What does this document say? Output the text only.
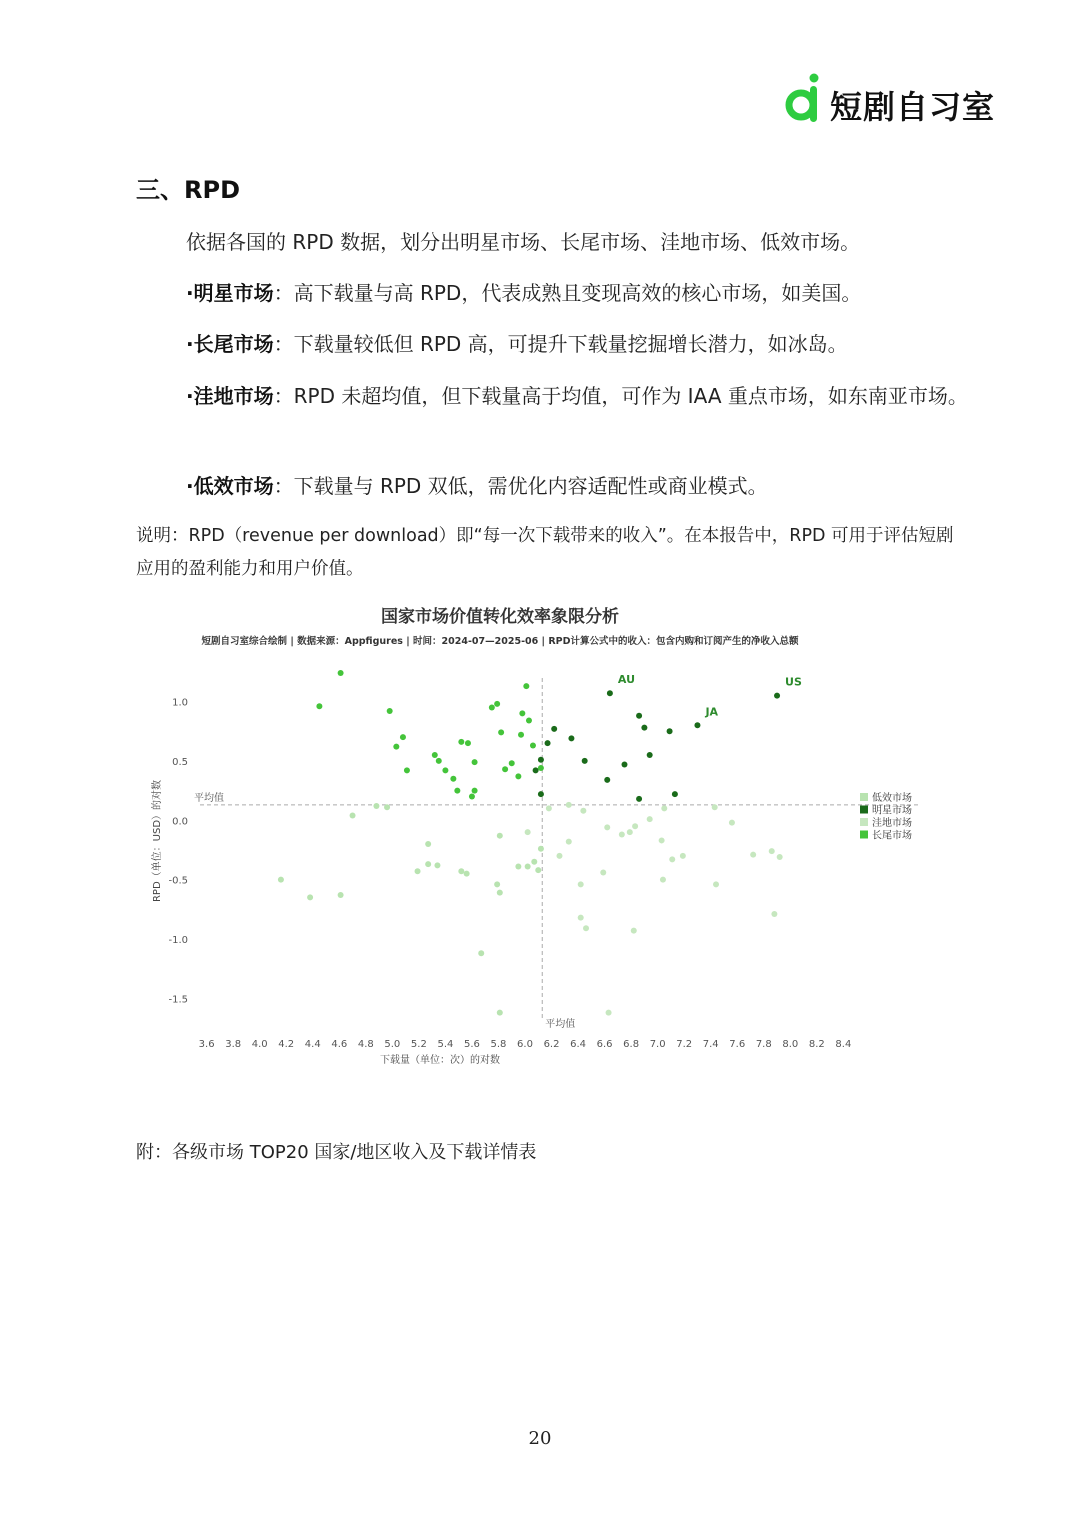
短剧自习室
三、RPD
依据各国的 RPD 数据，划分出明星市场、长尾市场、洼地市场、低效市场。
·明星市场：高下载量与高 RPD，代表成熟且变现高效的核心市场，如美国。
·长尾市场：下载量较低但 RPD 高，可提升下载量挖掘增长潜力，如冰岛。
·洼地市场：RPD 未超均值，但下载量高于均值，可作为 IAA 重点市场，如东南亚市场。
·低效市场：下载量与 RPD 双低，需优化内容适配性或商业模式。
说明：RPD（revenue per download）即“每一次下载带来的收入”。在本报告中，RPD 可用于评估短剧应用的盈利能力和用户价值。
国家市场价值转化效率象限分析
短剧自习室综合绘制 | 数据来源：Appfigures | 时间：2024-07—2025-06 | RPD计算公式中的收入：包含内购和订阅产生的净收入总额
平均值
平均值
3.6 3.8 4.0 4.2 4.4 4.6 4.8 5.0 5.2 5.4 5.6 5.8 6.0 6.2 6.4 6.6 6.8 7.0 7.2 7.4 7.6 7.8 8.0 8.2 8.4
1.0
0.5
0.0
-0.5
-1.0
-1.5
AU	US
JA
低效市场
明星市场
洼地市场
长尾市场
下载量（单位：次）的对数
RPD（单位：USD）的对数
附：各级市场 TOP20 国家/地区收入及下载详情表
20
